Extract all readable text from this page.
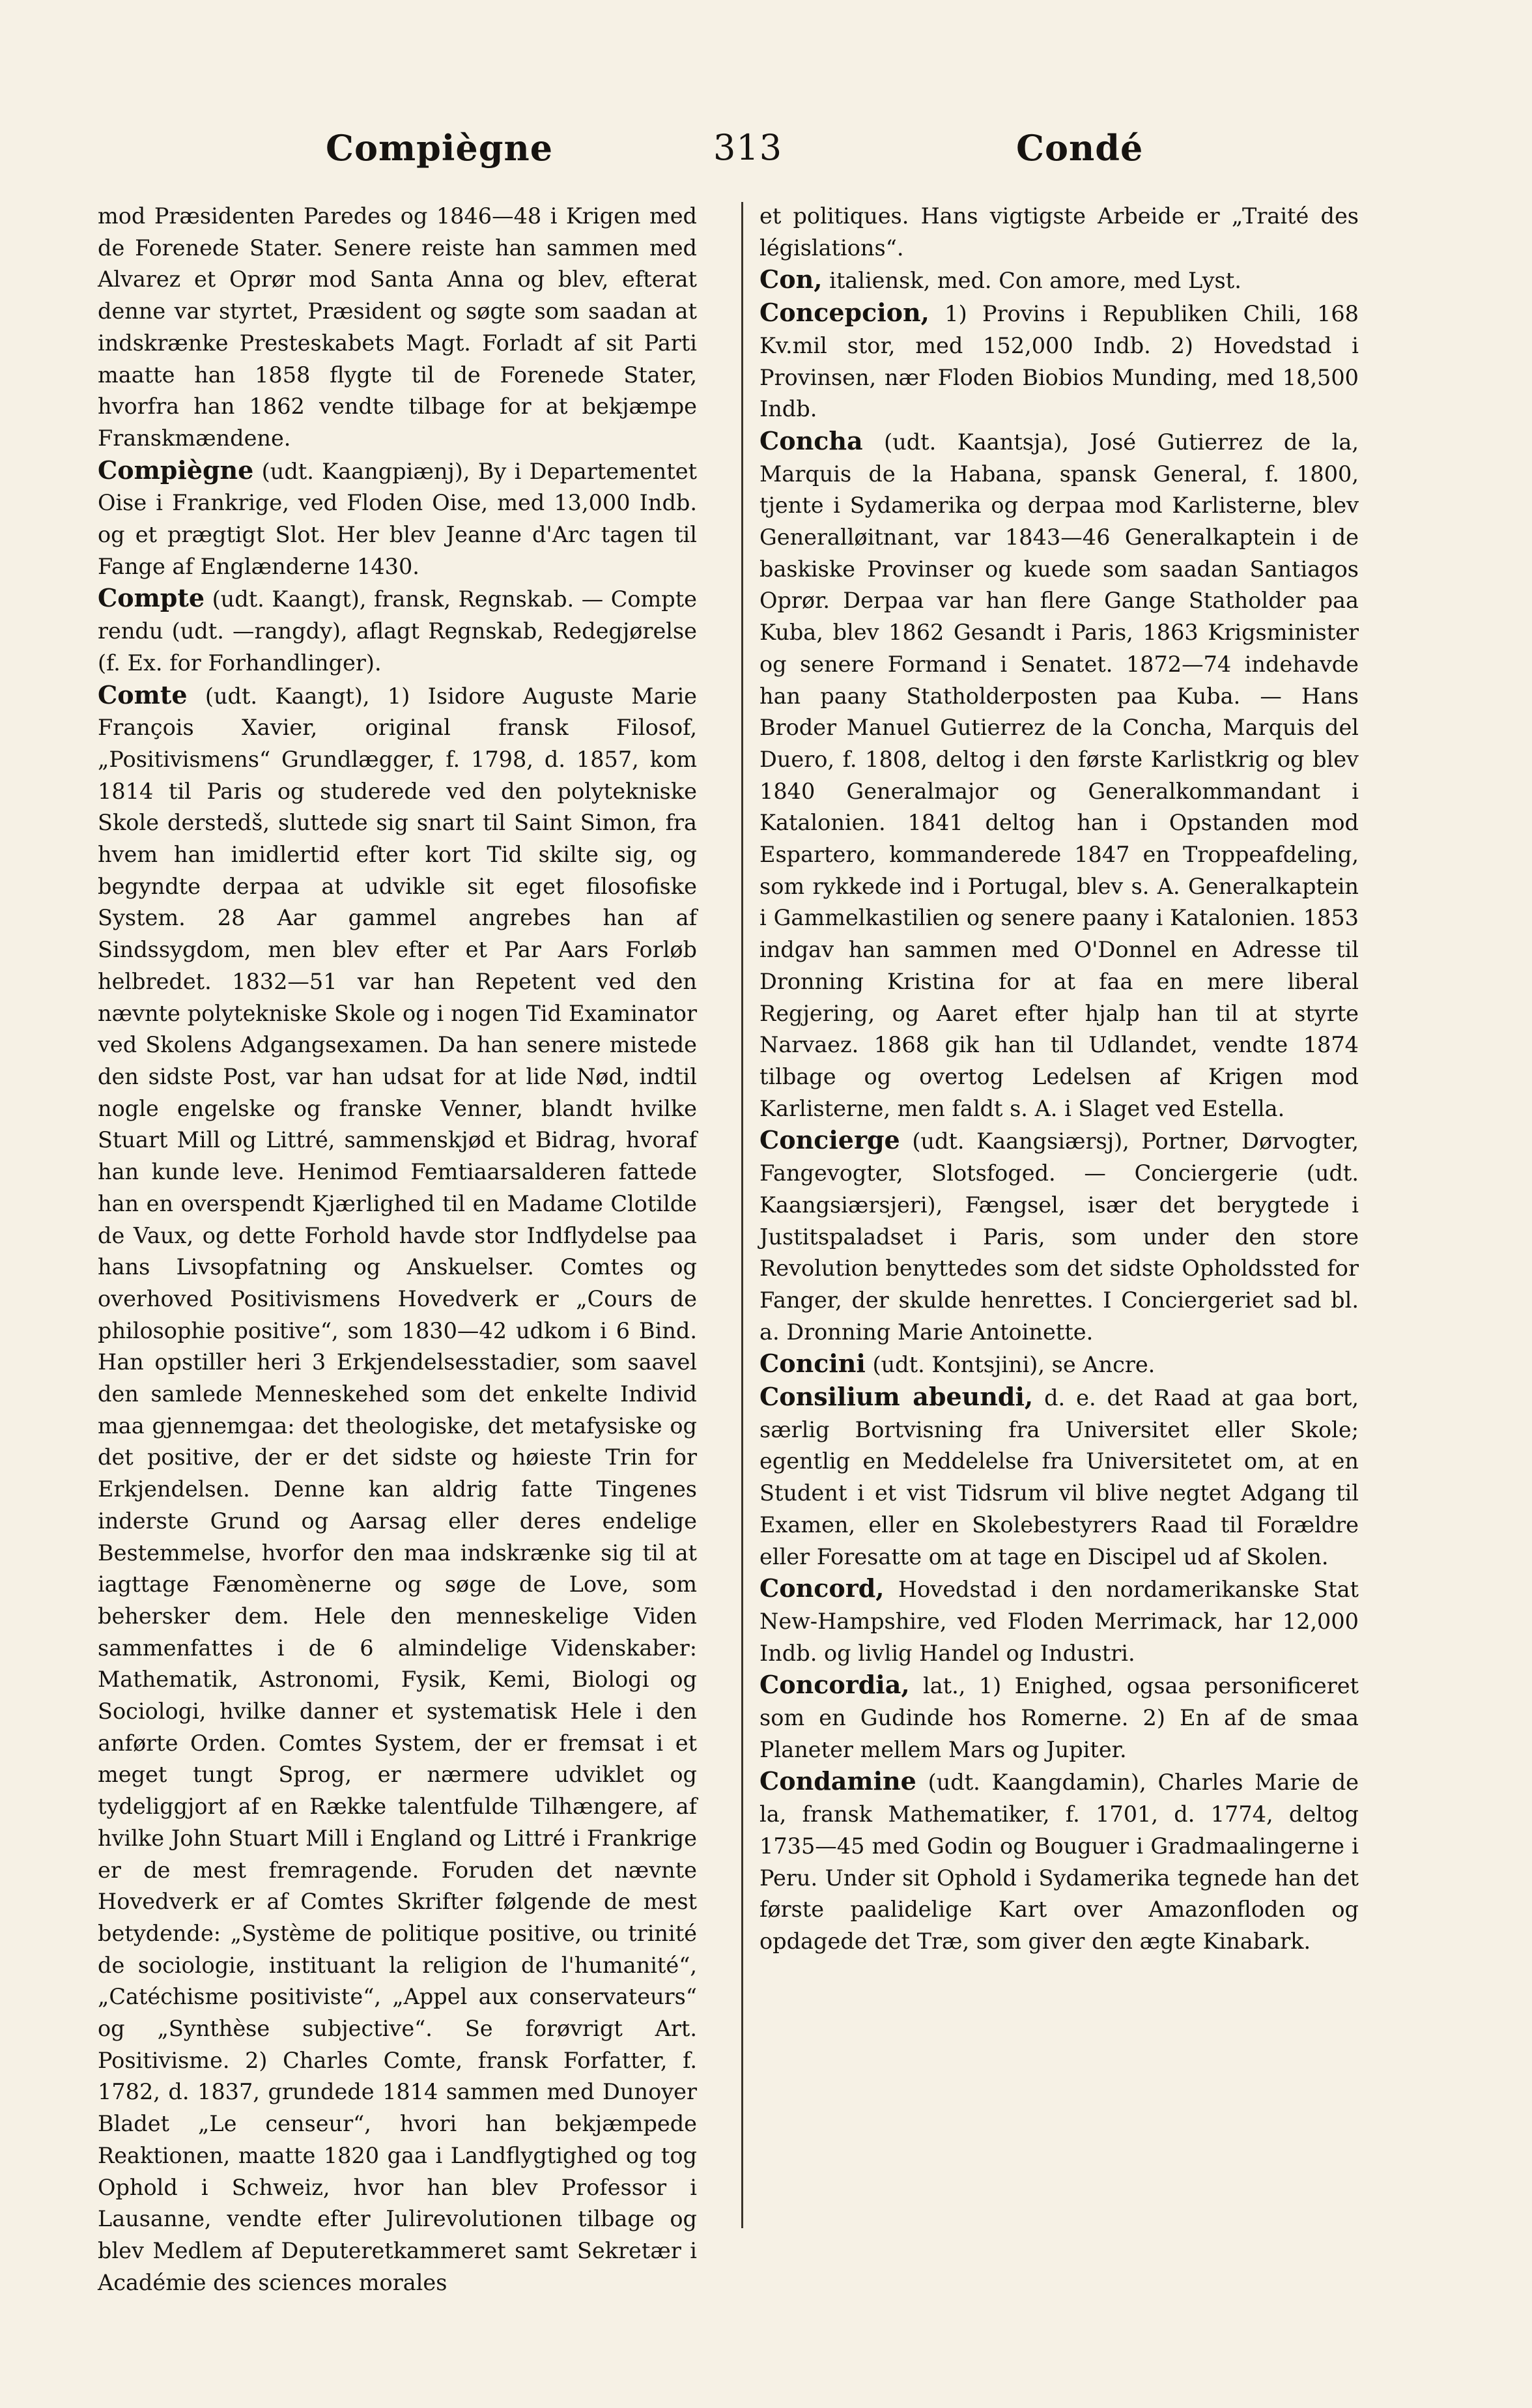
Compiègne	313	Condé

mod Præsidenten Paredes og 1846—48 i Krigen med de Forenede Stater. Senere reiste han sammen med Alvarez et Oprør mod Santa Anna og blev, efterat denne var styrtet, Præsident og søgte som saadan at indskrænke Presteskabets Magt. Forladt af sit Parti maatte han 1858 flygte til de Forenede Stater, hvorfra han 1862 vendte tilbage for at bekjæmpe Franskmændene.

Compiègne (udt. Kaangpiænj), By i Departementet Oise i Frankrige, ved Floden Oise, med 13,000 Indb. og et prægtigt Slot. Her blev Jeanne d'Arc tagen til Fange af Englænderne 1430.

Compte (udt. Kaangt), fransk, Regnskab. — Compte rendu (udt. —rangdy), aflagt Regnskab, Redegjørelse (f. Ex. for Forhandlinger).

Comte (udt. Kaangt), 1) Isidore Auguste Marie François Xavier, original fransk Filosof, „Positivismens“ Grundlægger, f. 1798, d. 1857, kom 1814 til Paris og studerede ved den polytekniske Skole derstedš, sluttede sig snart til Saint Simon, fra hvem han imidlertid efter kort Tid skilte sig, og begyndte derpaa at udvikle sit eget filosofiske System. 28 Aar gammel angrebes han af Sindssygdom, men blev efter et Par Aars Forløb helbredet. 1832—51 var han Repetent ved den nævnte polytekniske Skole og i nogen Tid Examinator ved Skolens Adgangsexamen. Da han senere mistede den sidste Post, var han udsat for at lide Nød, indtil nogle engelske og franske Venner, blandt hvilke Stuart Mill og Littré, sammenskjød et Bidrag, hvoraf han kunde leve. Henimod Femtiaarsalderen fattede han en overspendt Kjærlighed til en Madame Clotilde de Vaux, og dette Forhold havde stor Indflydelse paa hans Livsopfatning og Anskuelser. Comtes og overhoved Positivismens Hovedverk er „Cours de philosophie positive“, som 1830—42 udkom i 6 Bind. Han opstiller heri 3 Erkjendelsesstadier, som saavel den samlede Menneskehed som det enkelte Individ maa gjennemgaa: det theologiske, det metafysiske og det positive, der er det sidste og høieste Trin for Erkjendelsen. Denne kan aldrig fatte Tingenes inderste Grund og Aarsag eller deres endelige Bestemmelse, hvorfor den maa indskrænke sig til at iagttage Fænomènerne og søge de Love, som behersker dem. Hele den menneskelige Viden sammenfattes i de 6 almindelige Videnskaber: Mathematik, Astronomi, Fysik, Kemi, Biologi og Sociologi, hvilke danner et systematisk Hele i den anførte Orden. Comtes System, der er fremsat i et meget tungt Sprog, er nærmere udviklet og tydeliggjort af en Række talentfulde Tilhængere, af hvilke John Stuart Mill i England og Littré i Frankrige er de mest fremragende. Foruden det nævnte Hovedverk er af Comtes Skrifter følgende de mest betydende: „Système de politique positive, ou trinité de sociologie, instituant la religion de l'humanité“, „Catéchisme positiviste“, „Appel aux conservateurs“ og „Synthèse subjective“. Se forøvrigt Art. Positivisme. 2) Charles Comte, fransk Forfatter, f. 1782, d. 1837, grundede 1814 sammen med Dunoyer Bladet „Le censeur“, hvori han bekjæmpede Reaktionen, maatte 1820 gaa i Landflygtighed og tog Ophold i Schweiz, hvor han blev Professor i Lausanne, vendte efter Julirevolutionen tilbage og blev Medlem af Deputeretkammeret samt Sekretær i Académie des sciences morales

et politiques. Hans vigtigste Arbeide er „Traité des législations“.

Con, italiensk, med. Con amore, med Lyst.

Concepcion, 1) Provins i Republiken Chili, 168 Kv.mil stor, med 152,000 Indb. 2) Hovedstad i Provinsen, nær Floden Biobios Munding, med 18,500 Indb.

Concha (udt. Kaantsja), José Gutierrez de la, Marquis de la Habana, spansk General, f. 1800, tjente i Sydamerika og derpaa mod Karlisterne, blev Generalløitnant, var 1843—46 Generalkaptein i de baskiske Provinser og kuede som saadan Santiagos Oprør. Derpaa var han flere Gange Statholder paa Kuba, blev 1862 Gesandt i Paris, 1863 Krigsminister og senere Formand i Senatet. 1872—74 indehavde han paany Statholderposten paa Kuba. — Hans Broder Manuel Gutierrez de la Concha, Marquis del Duero, f. 1808, deltog i den første Karlistkrig og blev 1840 Generalmajor og Generalkommandant i Katalonien. 1841 deltog han i Opstanden mod Espartero, kommanderede 1847 en Troppeafdeling, som rykkede ind i Portugal, blev s. A. Generalkaptein i Gammelkastilien og senere paany i Katalonien. 1853 indgav han sammen med O'Donnel en Adresse til Dronning Kristina for at faa en mere liberal Regjering, og Aaret efter hjalp han til at styrte Narvaez. 1868 gik han til Udlandet, vendte 1874 tilbage og overtog Ledelsen af Krigen mod Karlisterne, men faldt s. A. i Slaget ved Estella.

Concierge (udt. Kaangsiærsj), Portner, Dørvogter, Fangevogter, Slotsfoged. — Conciergerie (udt. Kaangsiærsjeri), Fængsel, især det berygtede i Justitspaladset i Paris, som under den store Revolution benyttedes som det sidste Opholdssted for Fanger, der skulde henrettes. I Conciergeriet sad bl. a. Dronning Marie Antoinette.

Concini (udt. Kontsjini), se Ancre.

Consilium abeundi, d. e. det Raad at gaa bort, særlig Bortvisning fra Universitet eller Skole; egentlig en Meddelelse fra Universitetet om, at en Student i et vist Tidsrum vil blive negtet Adgang til Examen, eller en Skolebestyrers Raad til Forældre eller Foresatte om at tage en Discipel ud af Skolen.

Concord, Hovedstad i den nordamerikanske Stat New-Hampshire, ved Floden Merrimack, har 12,000 Indb. og livlig Handel og Industri.

Concordia, lat., 1) Enighed, ogsaa personificeret som en Gudinde hos Romerne. 2) En af de smaa Planeter mellem Mars og Jupiter.

Condamine (udt. Kaangdamin), Charles Marie de la, fransk Mathematiker, f. 1701, d. 1774, deltog 1735—45 med Godin og Bouguer i Gradmaalingerne i Peru. Under sit Ophold i Sydamerika tegnede han det første paalidelige Kart over Amazonfloden og opdagede det Træ, som giver den ægte Kinabark.
